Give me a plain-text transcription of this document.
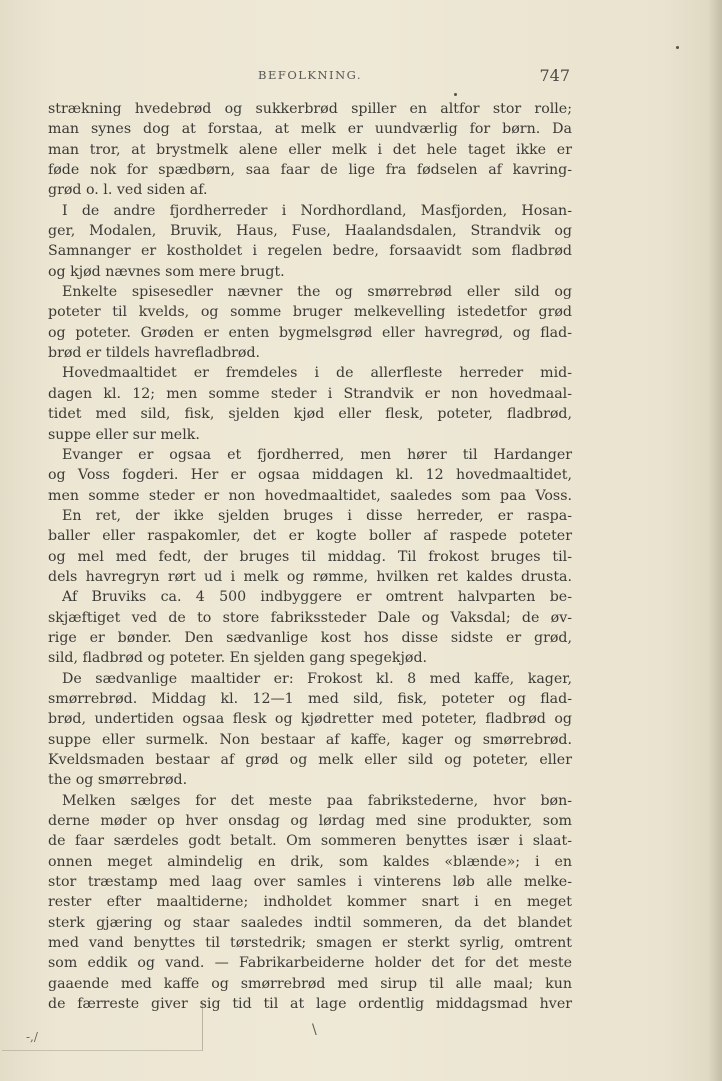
BEFOLKNING.	747
strækning hvedebrød og sukkerbrød spiller en altfor stor rolle;
man synes dog at forstaa, at melk er uundværlig for børn. Da
man tror, at brystmelk alene eller melk i det hele taget ikke er
føde nok for spædbørn, saa faar de lige fra fødselen af kavring-
grød o. l. ved siden af.
I de andre fjordherreder i Nordhordland, Masfjorden, Hosan-
ger, Modalen, Bruvik, Haus, Fuse, Haalandsdalen, Strandvik og
Samnanger er kostholdet i regelen bedre, forsaavidt som fladbrød
og kjød nævnes som mere brugt.
Enkelte spisesedler nævner the og smørrebrød eller sild og
poteter til kvelds, og somme bruger melkevelling istedetfor grød
og poteter. Grøden er enten bygmelsgrød eller havregrød, og flad-
brød er tildels havrefladbrød.
Hovedmaaltidet er fremdeles i de allerfleste herreder mid-
dagen kl. 12; men somme steder i Strandvik er non hovedmaal-
tidet med sild, fisk, sjelden kjød eller flesk, poteter, fladbrød,
suppe eller sur melk.
Evanger er ogsaa et fjordherred, men hører til Hardanger
og Voss fogderi. Her er ogsaa middagen kl. 12 hovedmaaltidet,
men somme steder er non hovedmaaltidet, saaledes som paa Voss.
En ret, der ikke sjelden bruges i disse herreder, er raspa-
baller eller raspakomler, det er kogte boller af raspede poteter
og mel med fedt, der bruges til middag. Til frokost bruges til-
dels havregryn rørt ud i melk og rømme, hvilken ret kaldes drusta.
Af Bruviks ca. 4 500 indbyggere er omtrent halvparten be-
skjæftiget ved de to store fabrikssteder Dale og Vaksdal; de øv-
rige er bønder. Den sædvanlige kost hos disse sidste er grød,
sild, fladbrød og poteter. En sjelden gang spegekjød.
De sædvanlige maaltider er: Frokost kl. 8 med kaffe, kager,
smørrebrød. Middag kl. 12—1 med sild, fisk, poteter og flad-
brød, undertiden ogsaa flesk og kjødretter med poteter, fladbrød og
suppe eller surmelk. Non bestaar af kaffe, kager og smørrebrød.
Kveldsmaden bestaar af grød og melk eller sild og poteter, eller
the og smørrebrød.
Melken sælges for det meste paa fabrikstederne, hvor bøn-
derne møder op hver onsdag og lørdag med sine produkter, som
de faar særdeles godt betalt. Om sommeren benyttes især i slaat-
onnen meget almindelig en drik, som kaldes «blænde»; i en
stor træstamp med laag over samles i vinterens løb alle melke-
rester efter maaltiderne; indholdet kommer snart i en meget
sterk gjæring og staar saaledes indtil sommeren, da det blandet
med vand benyttes til tørstedrik; smagen er sterkt syrlig, omtrent
som eddik og vand. — Fabrikarbeiderne holder det for det meste
gaaende med kaffe og smørrebrød med sirup til alle maal; kun
de færreste giver sig tid til at lage ordentlig middagsmad hver
-,/	\
